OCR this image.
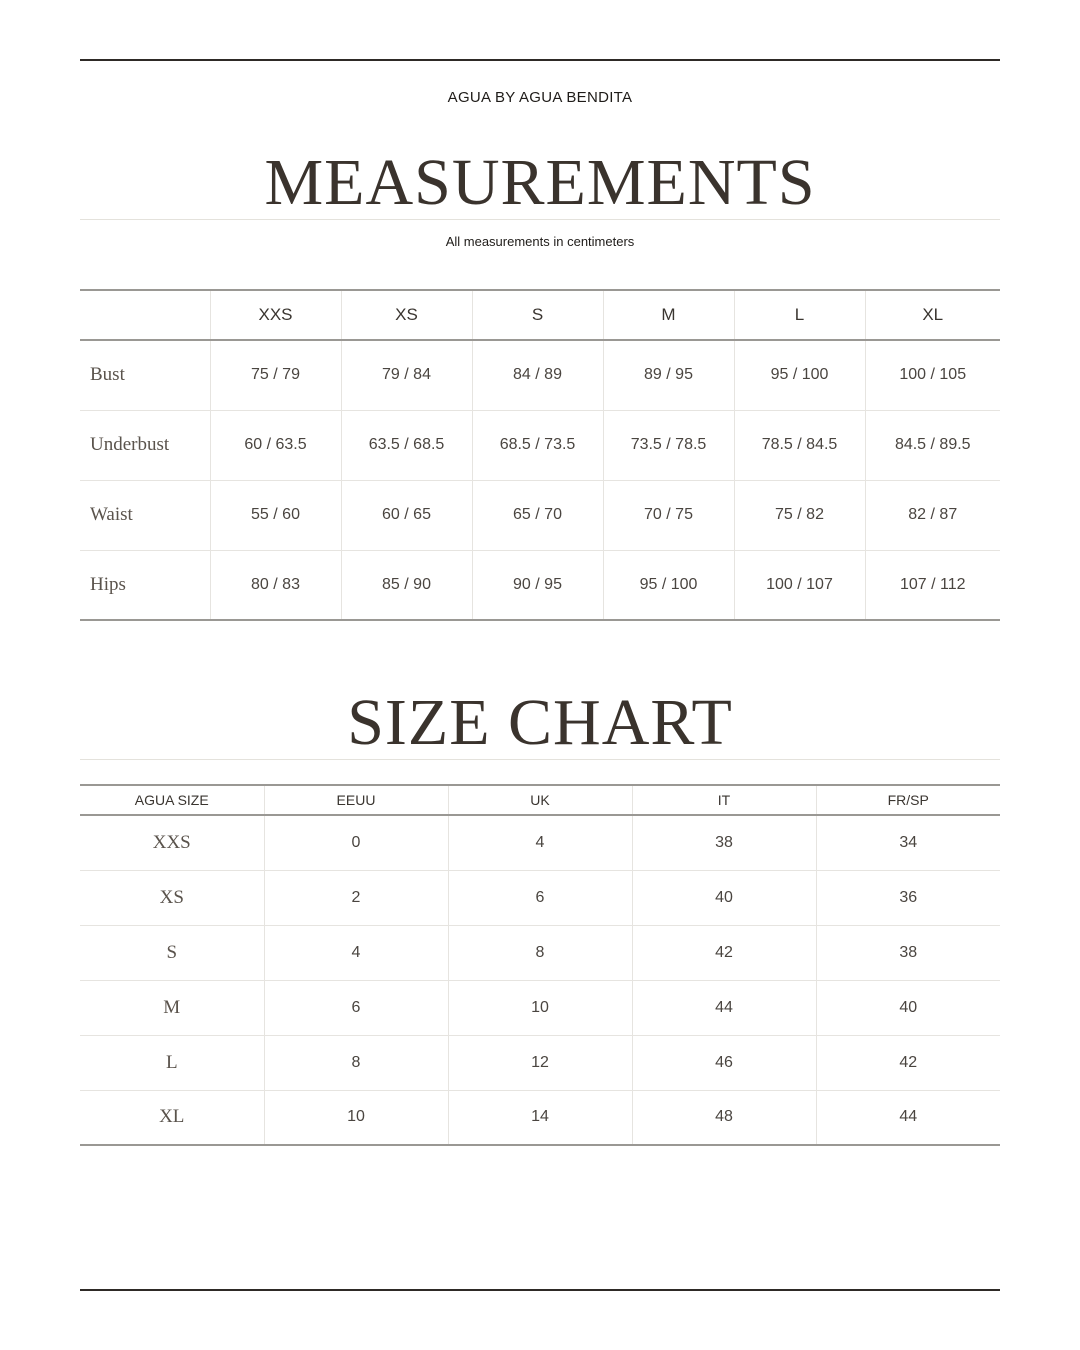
AGUA BY AGUA BENDITA
MEASUREMENTS
All measurements in centimeters
	XXS	XS	S	M	L	XL
Bust	75 / 79	79 / 84	84 / 89	89 / 95	95 / 100	100 / 105
Underbust	60 / 63.5	63.5 / 68.5	68.5 / 73.5	73.5 / 78.5	78.5 / 84.5	84.5 / 89.5
Waist	55 / 60	60 / 65	65 / 70	70 / 75	75 / 82	82 / 87
Hips	80 / 83	85 / 90	90 / 95	95 / 100	100 / 107	107 / 112
SIZE CHART
AGUA SIZE	EEUU	UK	IT	FR/SP
XXS	0	4	38	34
XS	2	6	40	36
S	4	8	42	38
M	6	10	44	40
L	8	12	46	42
XL	10	14	48	44
